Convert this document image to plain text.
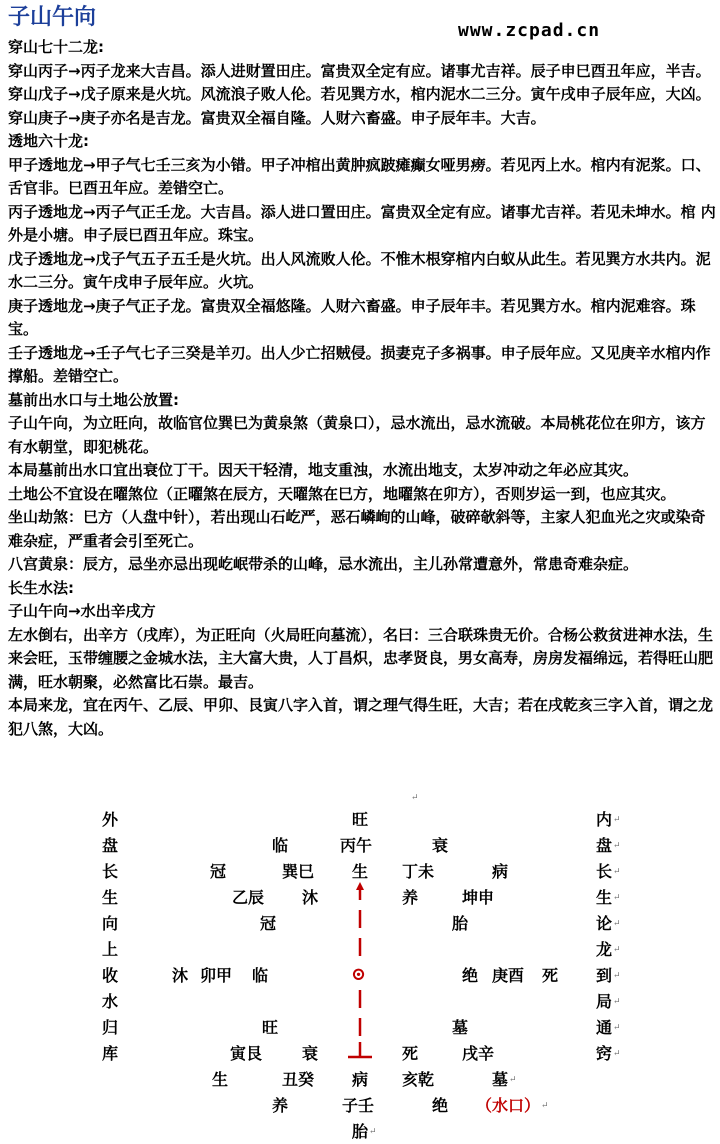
子山午向
www.zcpad.cn

穿山七十二龙:

穿山丙子→丙子龙来大吉昌。添人进财置田庄。富贵双全定有应。诸事尤吉祥。辰子申巳酉丑年应，半吉。

穿山戊子→戊子原来是火坑。风流浪子败人伦。若见巽方水，棺内泥水二三分。寅午戌申子辰年应，大凶。

穿山庚子→庚子亦名是吉龙。富贵双全福自隆。人财六畜盛。申子辰年丰。大吉。

透地六十龙:

甲子透地龙→甲子气七壬三亥为小错。甲子冲棺出黄肿疯跛瘫癫女哑男痨。若见丙上水。棺内有泥浆。口、舌官非。巳酉丑年应。差错空亡。

丙子透地龙→丙子气正壬龙。大吉昌。添人进口置田庄。富贵双全定有应。诸事尤吉祥。若见未坤水。棺 内外是小塘。申子辰巳酉丑年应。珠宝。

戊子透地龙→戊子气五子五壬是火坑。出人风流败人伦。不惟木根穿棺内白蚁从此生。若见巽方水共内。泥水二三分。寅午戌申子辰年应。火坑。

庚子透地龙→庚子气正子龙。富贵双全福悠隆。人财六畜盛。申子辰年丰。若见巽方水。棺内泥难容。珠宝。

壬子透地龙→壬子气七子三癸是羊刃。出人少亡招贼侵。损妻克子多祸事。申子辰年应。又见庚辛水棺内作撑船。差错空亡。

墓前出水口与土地公放置:

子山午向，为立旺向，故临官位巽巳为黄泉煞（黄泉口），忌水流出，忌水流破。本局桃花位在卯方，该方有水朝堂，即犯桃花。

本局墓前出水口宜出衰位丁干。因天干轻清，地支重浊，水流出地支，太岁冲动之年必应其灾。

土地公不宜设在曜煞位（正曜煞在辰方，天曜煞在巳方，地曜煞在卯方），否则岁运一到，也应其灾。

坐山劫煞：巳方（人盘中针），若出现山石屹严，恶石嶙峋的山峰，破碎欹斜等，主家人犯血光之灾或染奇难杂症，严重者会引至死亡。

八宫黄泉：辰方，忌坐亦忌出现屹岷带杀的山峰，忌水流出，主儿孙常遭意外，常患奇难杂症。

长生水法:

子山午向→水出辛戌方

左水倒右，出辛方（戌库），为正旺向（火局旺向墓流），名曰：三合联珠贵无价。合杨公救贫进神水法，生来会旺，玉带缠腰之金城水法，主大富大贵，人丁昌炽，忠孝贤良，男女高寿，房房发福绵远，若得旺山肥满，旺水朝聚，必然富比石崇。最吉。

本局来龙，宜在丙午、乙辰、甲卯、艮寅八字入首，谓之理气得生旺，大吉；若在戌乾亥三字入首，谓之龙犯八煞，大凶。

↵
外
盘
长
生
向
上
收
水
归
库
内↵
盘↵
长↵
生↵
论↵
龙↵
到↵
局↵
通↵
窍↵
旺
临	丙午	衰
冠	巽巳 生 丁未	病
乙辰 沐	养	坤申
冠	胎
沐 卯甲 临	⊙	绝 庚酉 死
旺	墓
寅艮 衰	死	戌辛
生	丑癸 病 亥乾	墓↵
养	子壬	绝 （水口）↵
胎↵
